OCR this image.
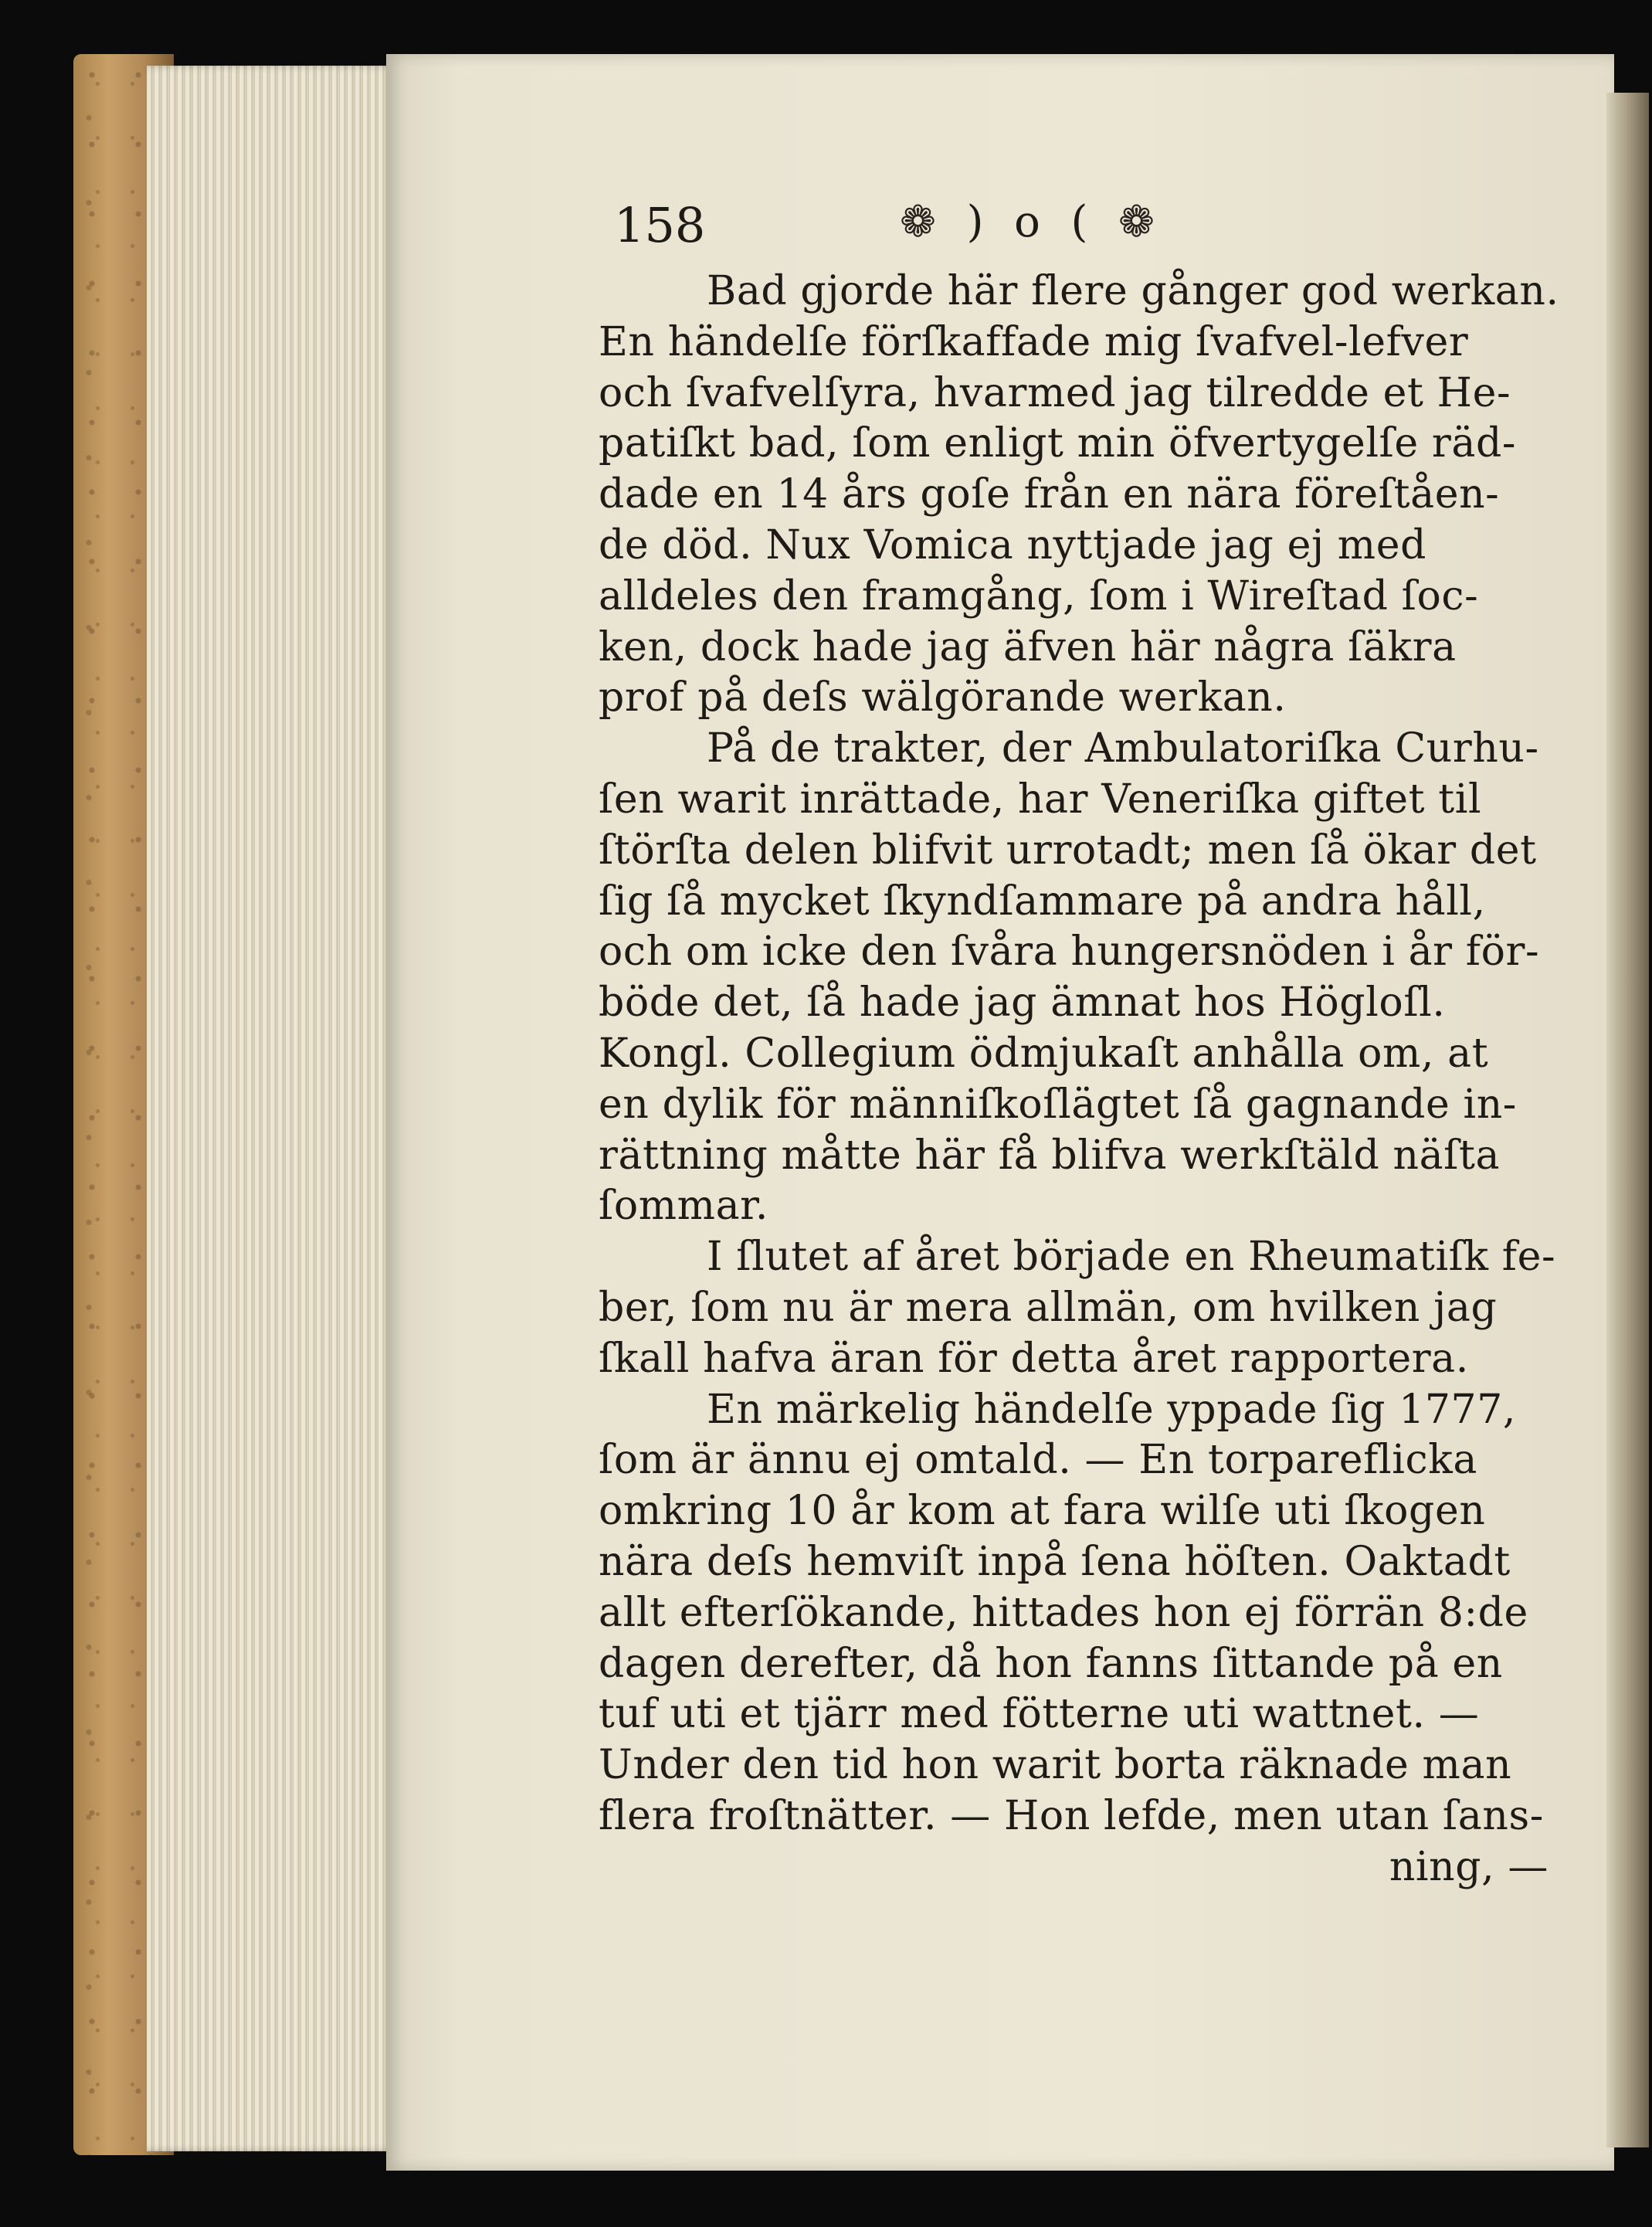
158	❁ ) o ( ❁
Bad gjorde här flere gånger god werkan.
En händelſe förſkaffade mig ſvafvel-lefver
och ſvafvelſyra, hvarmed jag tilredde et He-
patiſkt bad, ſom enligt min öfvertygelſe räd-
dade en 14 års goſe från en nära föreſtåen-
de död. Nux Vomica nyttjade jag ej med
alldeles den framgång, ſom i Wireſtad ſoc-
ken, dock hade jag äfven här några ſäkra
prof på deſs wälgörande werkan.
På de trakter, der Ambulatoriſka Curhu-
ſen warit inrättade, har Veneriſka giftet til
ſtörſta delen blifvit urrotadt; men ſå ökar det
ſig ſå mycket ſkyndſammare på andra håll,
och om icke den ſvåra hungersnöden i år för-
böde det, ſå hade jag ämnat hos Högloſl.
Kongl. Collegium ödmjukaſt anhålla om, at
en dylik för männiſkoſlägtet ſå gagnande in-
rättning måtte här få blifva werkſtäld näſta
ſommar.
I ſlutet af året började en Rheumatiſk fe-
ber, ſom nu är mera allmän, om hvilken jag
ſkall hafva äran för detta året rapportera.
En märkelig händelſe yppade ſig 1777,
ſom är ännu ej omtald. — En torpareflicka
omkring 10 år kom at fara wilſe uti ſkogen
nära deſs hemviſt inpå ſena höſten. Oaktadt
allt efterſökande, hittades hon ej förrän 8:de
dagen derefter, då hon fanns ſittande på en
tuf uti et tjärr med fötterne uti wattnet. —
Under den tid hon warit borta räknade man
flera froſtnätter. — Hon lefde, men utan ſans-
ning, —
